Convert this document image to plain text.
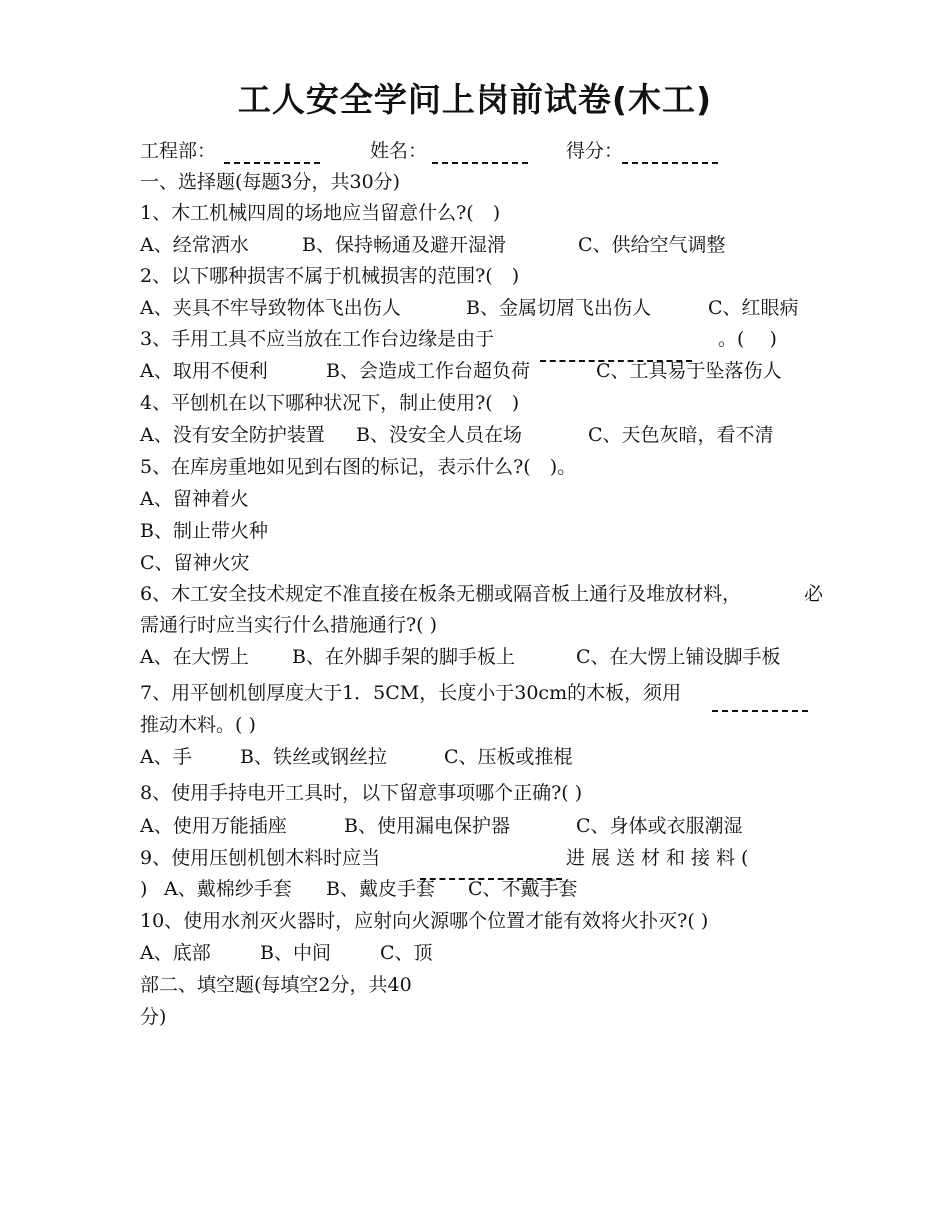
工人安全学问上岗前试卷(木工)
工程部：	姓名：	得分：
一、选择题(每题3分，共30分)
1、木工机械四周的场地应当留意什么?(　)
A、经常洒水	B、保持畅通及避开湿滑	C、供给空气调整
2、以下哪种损害不属于机械损害的范围?(　)
A、夹具不牢导致物体飞出伤人	B、金属切屑飞出伤人	C、红眼病
3、手用工具不应当放在工作台边缘是由于	。(　 )
A、取用不便利	B、会造成工作台超负荷	C、工具易于坠落伤人
4、平刨机在以下哪种状况下，制止使用?(　)
A、没有安全防护装置 B、没安全人员在场	C、天色灰暗，看不清
5、在库房重地如见到右图的标记，表示什么?(　)。
A、留神着火
B、制止带火种
C、留神火灾
6、木工安全技术规定不准直接在板条无棚或隔音板上通行及堆放材料，	必
需通行时应当实行什么措施通行?( )
A、在大愣上 B、在外脚手架的脚手板上	C、在大愣上铺设脚手板
7、用平刨机刨厚度大于1．5CM，长度小于30cm的木板，须用
推动木料。( )
A、手	B、铁丝或钢丝拉	C、压板或推棍
8、使用手持电开工具时，以下留意事项哪个正确?( )
A、使用万能插座	B、使用漏电保护器	C、身体或衣服潮湿
9、使用压刨机刨木料时应当	进展送材和接料(
) A、戴棉纱手套 B、戴皮手套 C、不戴手套
10、使用水剂灭火器时，应射向火源哪个位置才能有效将火扑灭?( )
A、底部	B、中间	C、顶
部二、填空题(每填空2分，共40
分)
